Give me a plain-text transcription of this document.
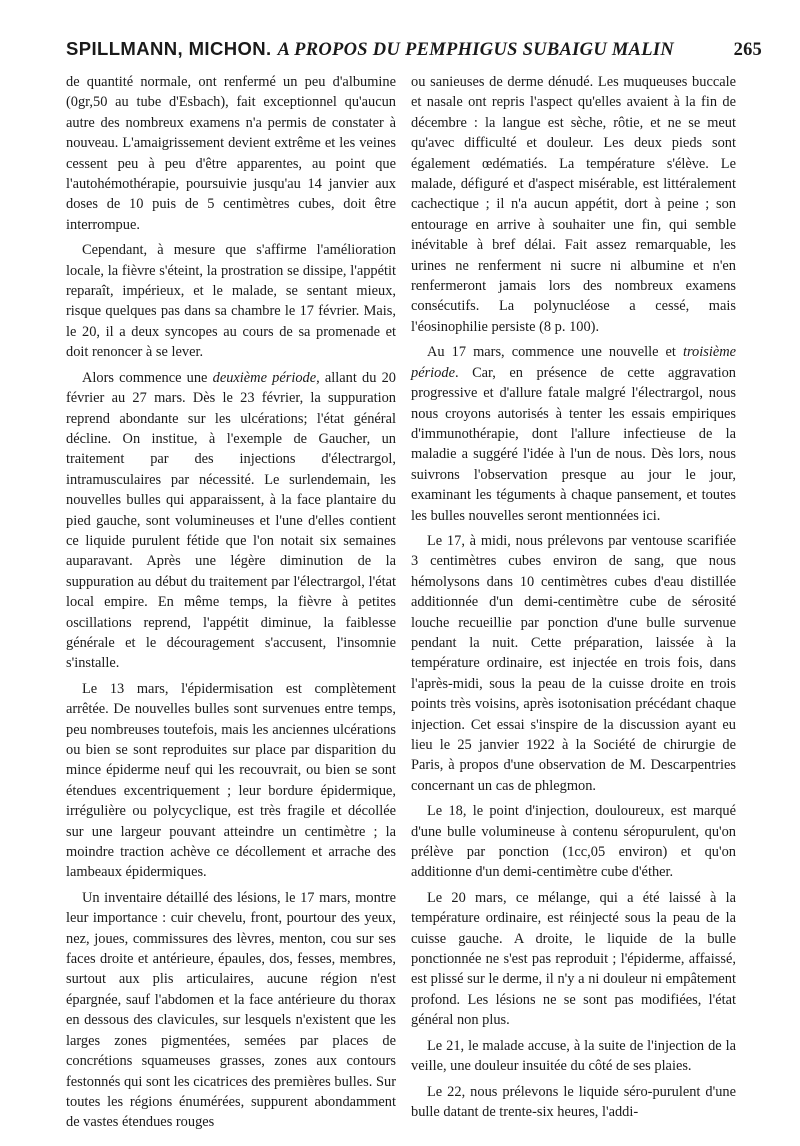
SPILLMANN, MICHON. A PROPOS DU PEMPHIGUS SUBAIGU MALIN	265

de quantité normale, ont renfermé un peu d'albumine (0gr,50 au tube d'Esbach), fait exceptionnel qu'aucun autre des nombreux examens n'a permis de constater à nouveau. L'amaigrissement devient extrême et les veines cessent peu à peu d'être apparentes, au point que l'autohémothérapie, poursuivie jusqu'au 14 janvier aux doses de 10 puis de 5 centimètres cubes, doit être interrompue.

Cependant, à mesure que s'affirme l'amélioration locale, la fièvre s'éteint, la prostration se dissipe, l'appétit reparaît, impérieux, et le malade, se sentant mieux, risque quelques pas dans sa chambre le 17 février. Mais, le 20, il a deux syncopes au cours de sa promenade et doit renoncer à se lever.

Alors commence une deuxième période, allant du 20 février au 27 mars. Dès le 23 février, la suppuration reprend abondante sur les ulcérations; l'état général décline. On institue, à l'exemple de Gaucher, un traitement par des injections d'électrargol, intramusculaires par nécessité. Le surlendemain, les nouvelles bulles qui apparaissent, à la face plantaire du pied gauche, sont volumineuses et l'une d'elles contient ce liquide purulent fétide que l'on notait six semaines auparavant. Après une légère diminution de la suppuration au début du traitement par l'électrargol, l'état local empire. En même temps, la fièvre à petites oscillations reprend, l'appétit diminue, la faiblesse générale et le découragement s'accusent, l'insomnie s'installe.

Le 13 mars, l'épidermisation est complètement arrêtée. De nouvelles bulles sont survenues entre temps, peu nombreuses toutefois, mais les anciennes ulcérations ou bien se sont reproduites sur place par disparition du mince épiderme neuf qui les recouvrait, ou bien se sont étendues excentriquement ; leur bordure épidermique, irrégulière ou polycyclique, est très fragile et décollée sur une largeur pouvant atteindre un centimètre ; la moindre traction achève ce décollement et arrache des lambeaux épidermiques.

Un inventaire détaillé des lésions, le 17 mars, montre leur importance : cuir chevelu, front, pourtour des yeux, nez, joues, commissures des lèvres, menton, cou sur ses faces droite et antérieure, épaules, dos, fesses, membres, surtout aux plis articulaires, aucune région n'est épargnée, sauf l'abdomen et la face antérieure du thorax en dessous des clavicules, sur lesquels n'existent que les larges zones pigmentées, semées par places de concrétions squameuses grasses, zones aux contours festonnés qui sont les cicatrices des premières bulles. Sur toutes les régions énumérées, suppurent abondamment de vastes étendues rouges

ou sanieuses de derme dénudé. Les muqueuses buccale et nasale ont repris l'aspect qu'elles avaient à la fin de décembre : la langue est sèche, rôtie, et ne se meut qu'avec difficulté et douleur. Les deux pieds sont également œdématiés. La température s'élève. Le malade, défiguré et d'aspect misérable, est littéralement cachectique ; il n'a aucun appétit, dort à peine ; son entourage en arrive à souhaiter une fin, qui semble inévitable à bref délai. Fait assez remarquable, les urines ne renferment ni sucre ni albumine et n'en renfermeront jamais lors des nombreux examens consécutifs. La polynucléose a cessé, mais l'éosinophilie persiste (8 p. 100).

Au 17 mars, commence une nouvelle et troisième période. Car, en présence de cette aggravation progressive et d'allure fatale malgré l'électrargol, nous nous croyons autorisés à tenter les essais empiriques d'immunothérapie, dont l'allure infectieuse de la maladie a suggéré l'idée à l'un de nous. Dès lors, nous suivrons l'observation presque au jour le jour, examinant les téguments à chaque pansement, et toutes les bulles nouvelles seront mentionnées ici.

Le 17, à midi, nous prélevons par ventouse scarifiée 3 centimètres cubes environ de sang, que nous hémolysons dans 10 centimètres cubes d'eau distillée additionnée d'un demi-centimètre cube de sérosité louche recueillie par ponction d'une bulle survenue pendant la nuit. Cette préparation, laissée à la température ordinaire, est injectée en trois fois, dans l'après-midi, sous la peau de la cuisse droite en trois points très voisins, après isotonisation précédant chaque injection. Cet essai s'inspire de la discussion ayant eu lieu le 25 janvier 1922 à la Société de chirurgie de Paris, à propos d'une observation de M. Descarpentries concernant un cas de phlegmon.

Le 18, le point d'injection, douloureux, est marqué d'une bulle volumineuse à contenu séropurulent, qu'on prélève par ponction (1cc,05 environ) et qu'on additionne d'un demi-centimètre cube d'éther.

Le 20 mars, ce mélange, qui a été laissé à la température ordinaire, est réinjecté sous la peau de la cuisse gauche. A droite, le liquide de la bulle ponctionnée ne s'est pas reproduit ; l'épiderme, affaissé, est plissé sur le derme, il n'y a ni douleur ni empâtement profond. Les lésions ne se sont pas modifiées, l'état général non plus.

Le 21, le malade accuse, à la suite de l'injection de la veille, une douleur insuitée du côté de ses plaies.

Le 22, nous prélevons le liquide séro-purulent d'une bulle datant de trente-six heures, l'addi-
